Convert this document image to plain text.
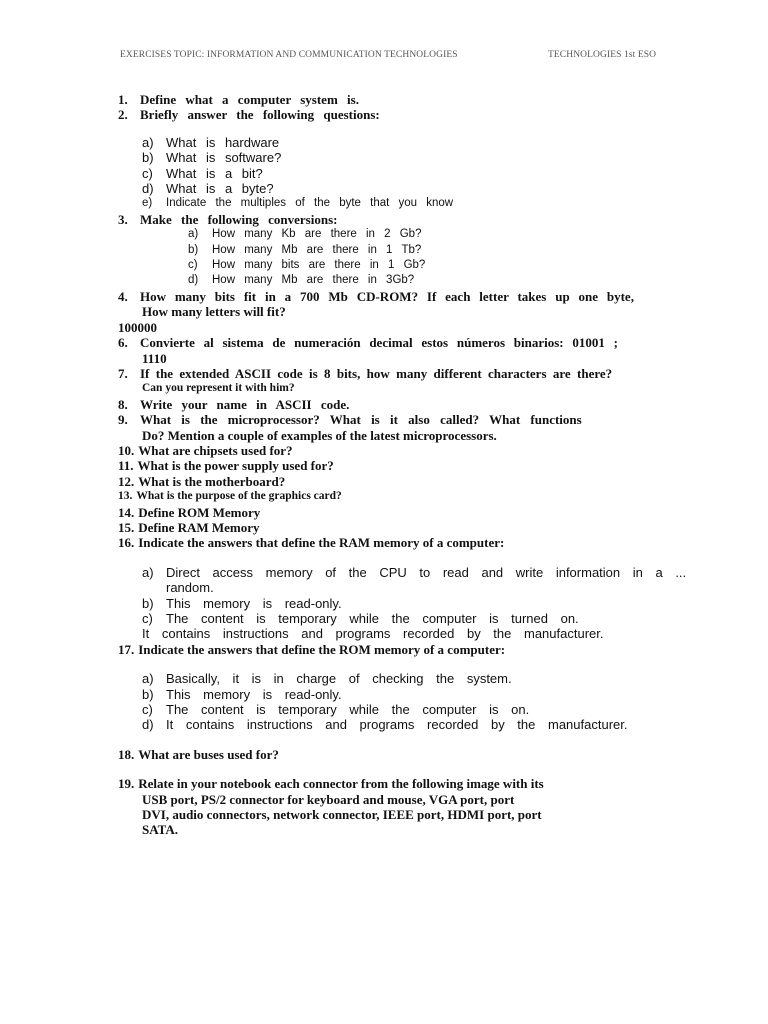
EXERCISES TOPIC: INFORMATION AND COMMUNICATION TECHNOLOGIES	TECHNOLOGIES 1st ESO
1. Define what a computer system is.
2. Briefly answer the following questions:
a) What is hardware
b) What is software?
c) What is a bit?
d) What is a byte?
e) Indicate the multiples of the byte that you know
3. Make the following conversions:
a) How many Kb are there in 2 Gb?
b) How many Mb are there in 1 Tb?
c) How many bits are there in 1 Gb?
d) How many Mb are there in 3Gb?
4. How many bits fit in a 700 Mb CD-ROM? If each letter takes up one byte,
How many letters will fit?
100000
6. Convierte al sistema de numeración decimal estos números binarios: 01001 ;
1110
7. If the extended ASCII code is 8 bits, how many different characters are there?
Can you represent it with him?
8. Write your name in ASCII code.
9. What is the microprocessor? What is it also called? What functions
Do? Mention a couple of examples of the latest microprocessors.
10. What are chipsets used for?
11. What is the power supply used for?
12. What is the motherboard?
13. What is the purpose of the graphics card?
14. Define ROM Memory
15. Define RAM Memory
16. Indicate the answers that define the RAM memory of a computer:
a) Direct access memory of the CPU to read and write information in a ...
random.
b) This memory is read-only.
c) The content is temporary while the computer is turned on.
It contains instructions and programs recorded by the manufacturer.
17. Indicate the answers that define the ROM memory of a computer:
a) Basically, it is in charge of checking the system.
b) This memory is read-only.
c) The content is temporary while the computer is on.
d) It contains instructions and programs recorded by the manufacturer.
18. What are buses used for?
19. Relate in your notebook each connector from the following image with its
USB port, PS/2 connector for keyboard and mouse, VGA port, port
DVI, audio connectors, network connector, IEEE port, HDMI port, port
SATA.
